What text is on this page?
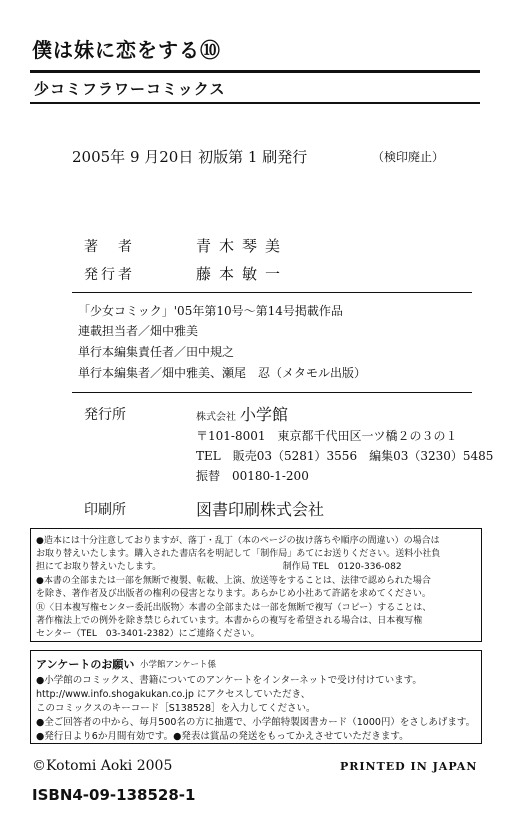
僕は妹に恋をする⑩
少コミフラワーコミックス
2005年 9 月20日 初版第 1 刷発行	（検印廃止）
著　者	青木琴美
発行者	藤本敏一
「少女コミック」'05年第10号～第14号掲載作品
連載担当者／畑中雅美
単行本編集責任者／田中規之
単行本編集者／畑中雅美、瀬尾　忍（メタモル出版）
発行所	株式会社 小学館
〒101-8001　東京都千代田区一ツ橋２の３の１
TEL　販売03（5281）3556　編集03（3230）5485
振替　00180-1-200
印刷所	図書印刷株式会社
●造本には十分注意しておりますが、落丁・乱丁（本のページの抜け落ちや順序の間違い）の場合は
お取り替えいたします。購入された書店名を明記して「制作局」あてにお送りください。送料小社負
担にてお取り替えいたします。　　　　　　　　　　　　　　制作局 TEL　0120-336-082
●本書の全部または一部を無断で複製、転載、上演、放送等をすることは、法律で認められた場合
を除き、著作者及び出版者の権利の侵害となります。あらかじめ小社あて許諾を求めてください。
Ⓡ〈日本複写権センター委託出版物〉本書の全部または一部を無断で複写（コピー）することは、
著作権法上での例外を除き禁じられています。本書からの複写を希望される場合は、日本複写権
センター（TEL　03-3401-2382）にご連絡ください。
アンケートのお願い 小学館アンケート係
●小学館のコミックス、書籍についてのアンケートをインターネットで受け付けています。
http://www.info.shogakukan.co.jp にアクセスしていただき、
このコミックスのキーコード［S138528］を入力してください。
●全ご回答者の中から、毎月500名の方に抽選で、小学館特製図書カード（1000円）をさしあげます。
●発行日より6か月間有効です。●発表は賞品の発送をもってかえさせていただきます。
©Kotomi Aoki 2005	PRINTED IN JAPAN
ISBN4-09-138528-1
